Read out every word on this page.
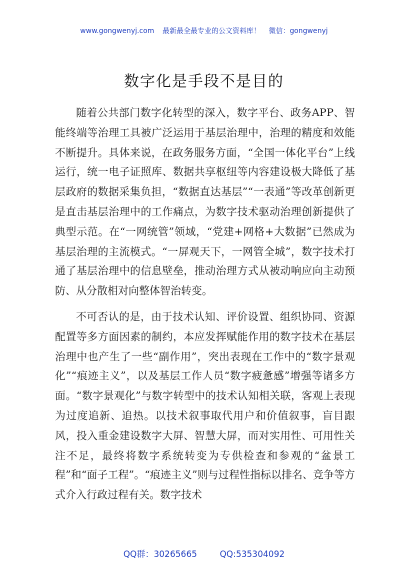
www.gongwenyj.com 最新最全最专业的公文资料库！ 微信：gongwenyj
数字化是手段不是目的

随着公共部门数字化转型的深入，数字平台、政务APP、智能终端等治理工具被广泛运用于基层治理中，治理的精度和效能不断提升。具体来说，在政务服务方面，“全国一体化平台”上线运行，统一电子证照库、数据共享枢纽等内容建设极大降低了基层政府的数据采集负担，“数据直达基层”“一表通”等改革创新更是直击基层治理中的工作痛点，为数字技术驱动治理创新提供了典型示范。在“一网统管”领域，“党建+网格+大数据”已然成为基层治理的主流模式。“一屏观天下，一网管全城”，数字技术打通了基层治理中的信息壁垒，推动治理方式从被动响应向主动预防、从分散相对向整体智治转变。

不可否认的是，由于技术认知、评价设置、组织协同、资源配置等多方面因素的制约，本应发挥赋能作用的数字技术在基层治理中也产生了一些“副作用”，突出表现在工作中的“数字景观化”“痕迹主义”，以及基层工作人员“数字疲惫感”增强等诸多方面。“数字景观化”与数字转型中的技术认知相关联，客观上表现为过度追新、追热。以技术叙事取代用户和价值叙事，盲目跟风，投入重金建设数字大屏、智慧大屏，而对实用性、可用性关注不足，最终将数字系统转变为专供检查和参观的“盆景工程”和“面子工程”。“痕迹主义”则与过程性指标以排名、竞争等方式介入行政过程有关。数字技术

QQ群：30265665	QQ:535304092
